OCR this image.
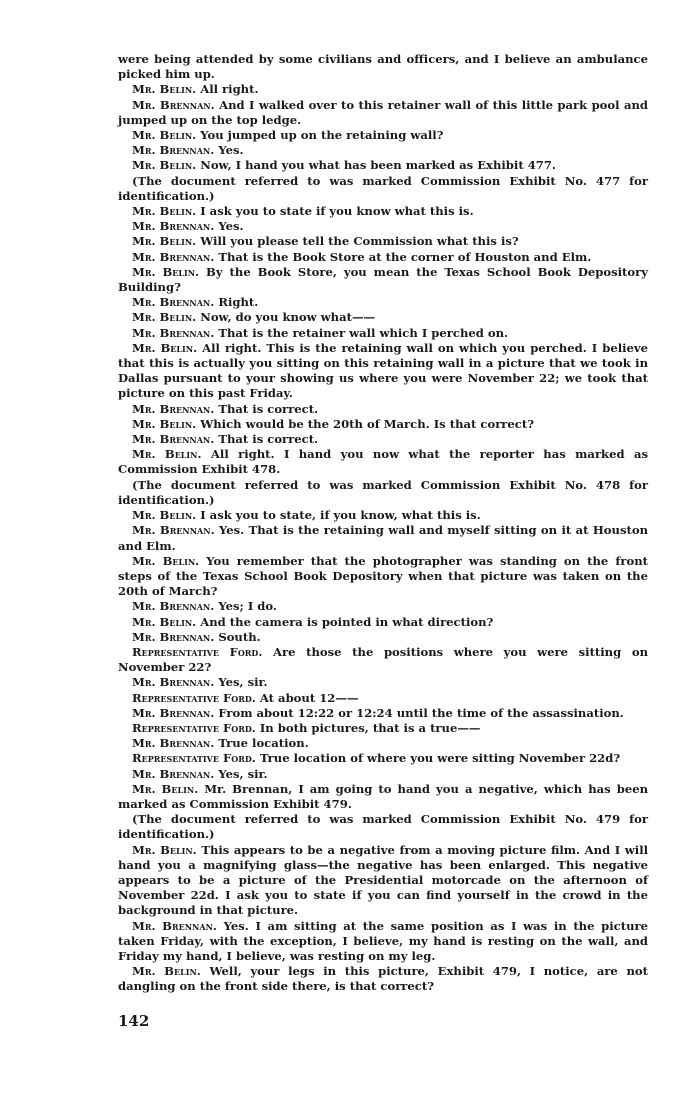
were being attended by some civilians and officers, and I believe an ambulance picked him up.

Mr. Belin. All right.

Mr. Brennan. And I walked over to this retainer wall of this little park pool and jumped up on the top ledge.

Mr. Belin. You jumped up on the retaining wall?

Mr. Brennan. Yes.

Mr. Belin. Now, I hand you what has been marked as Exhibit 477.

(The document referred to was marked Commission Exhibit No. 477 for identification.)

Mr. Belin. I ask you to state if you know what this is.

Mr. Brennan. Yes.

Mr. Belin. Will you please tell the Commission what this is?

Mr. Brennan. That is the Book Store at the corner of Houston and Elm.

Mr. Belin. By the Book Store, you mean the Texas School Book Depository Building?

Mr. Brennan. Right.

Mr. Belin. Now, do you know what——

Mr. Brennan. That is the retainer wall which I perched on.

Mr. Belin. All right. This is the retaining wall on which you perched. I believe that this is actually you sitting on this retaining wall in a picture that we took in Dallas pursuant to your showing us where you were November 22; we took that picture on this past Friday.

Mr. Brennan. That is correct.

Mr. Belin. Which would be the 20th of March. Is that correct?

Mr. Brennan. That is correct.

Mr. Belin. All right. I hand you now what the reporter has marked as Commission Exhibit 478.

(The document referred to was marked Commission Exhibit No. 478 for identification.)

Mr. Belin. I ask you to state, if you know, what this is.

Mr. Brennan. Yes. That is the retaining wall and myself sitting on it at Houston and Elm.

Mr. Belin. You remember that the photographer was standing on the front steps of the Texas School Book Depository when that picture was taken on the 20th of March?

Mr. Brennan. Yes; I do.

Mr. Belin. And the camera is pointed in what direction?

Mr. Brennan. South.

Representative Ford. Are those the positions where you were sitting on November 22?

Mr. Brennan. Yes, sir.

Representative Ford. At about 12——

Mr. Brennan. From about 12:22 or 12:24 until the time of the assassination.

Representative Ford. In both pictures, that is a true——

Mr. Brennan. True location.

Representative Ford. True location of where you were sitting November 22d?

Mr. Brennan. Yes, sir.

Mr. Belin. Mr. Brennan, I am going to hand you a negative, which has been marked as Commission Exhibit 479.

(The document referred to was marked Commission Exhibit No. 479 for identification.)

Mr. Belin. This appears to be a negative from a moving picture film. And I will hand you a magnifying glass—the negative has been enlarged. This negative appears to be a picture of the Presidential motorcade on the afternoon of November 22d. I ask you to state if you can find yourself in the crowd in the background in that picture.

Mr. Brennan. Yes. I am sitting at the same position as I was in the picture taken Friday, with the exception, I believe, my hand is resting on the wall, and Friday my hand, I believe, was resting on my leg.

Mr. Belin. Well, your legs in this picture, Exhibit 479, I notice, are not dangling on the front side there, is that correct?

142
